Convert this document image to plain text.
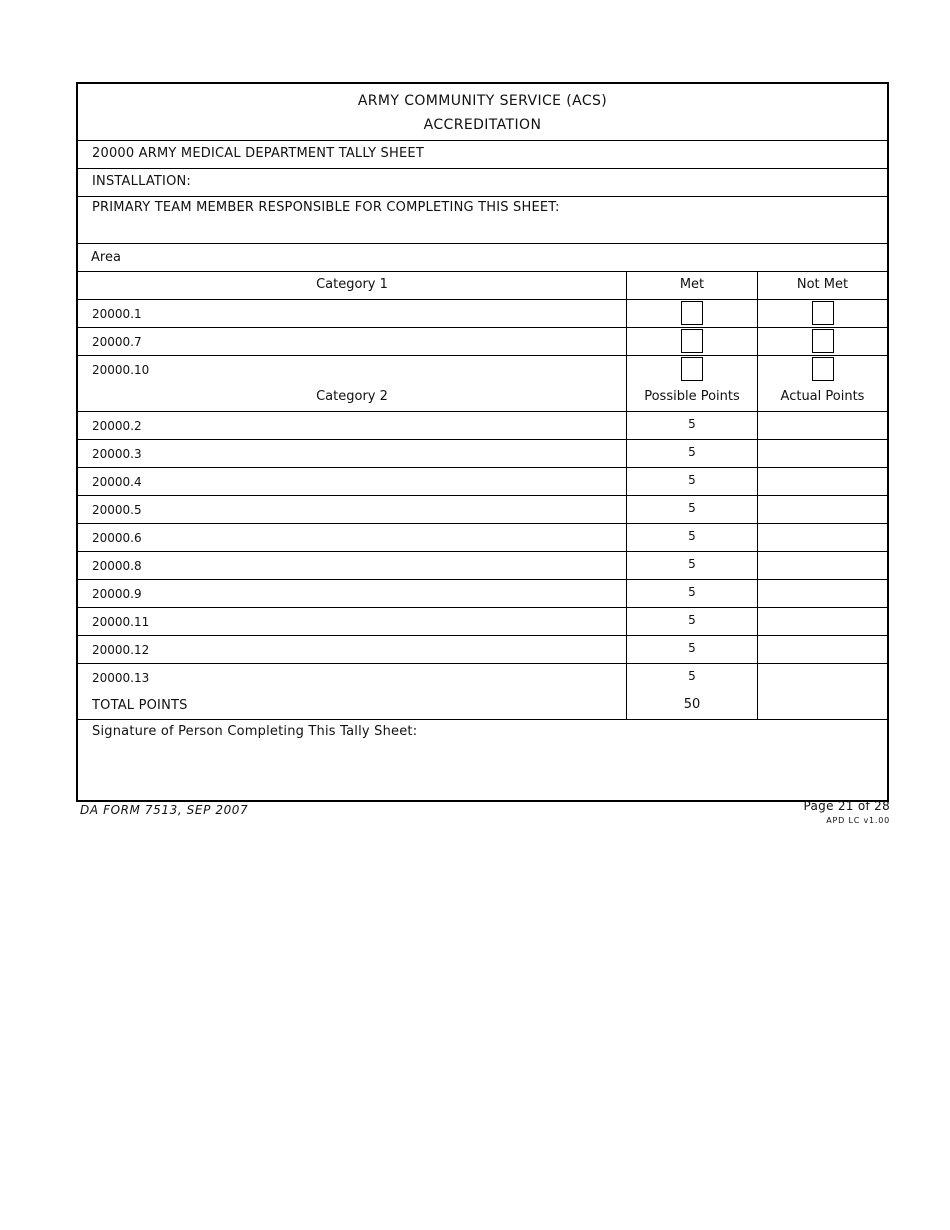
ARMY COMMUNITY SERVICE (ACS)
ACCREDITATION
20000 ARMY MEDICAL DEPARTMENT TALLY SHEET
INSTALLATION:
PRIMARY TEAM MEMBER RESPONSIBLE FOR COMPLETING THIS SHEET:
Area
Category 1	Met	Not Met
20000.1
20000.7
20000.10
Category 2	Possible Points	Actual Points
20000.2	5
20000.3	5
20000.4	5
20000.5	5
20000.6	5
20000.8	5
20000.9	5
20000.11	5
20000.12	5
20000.13	5
TOTAL POINTS	50
Signature of Person Completing This Tally Sheet:
DA FORM 7513, SEP 2007	Page 21 of 28
APD LC v1.00
